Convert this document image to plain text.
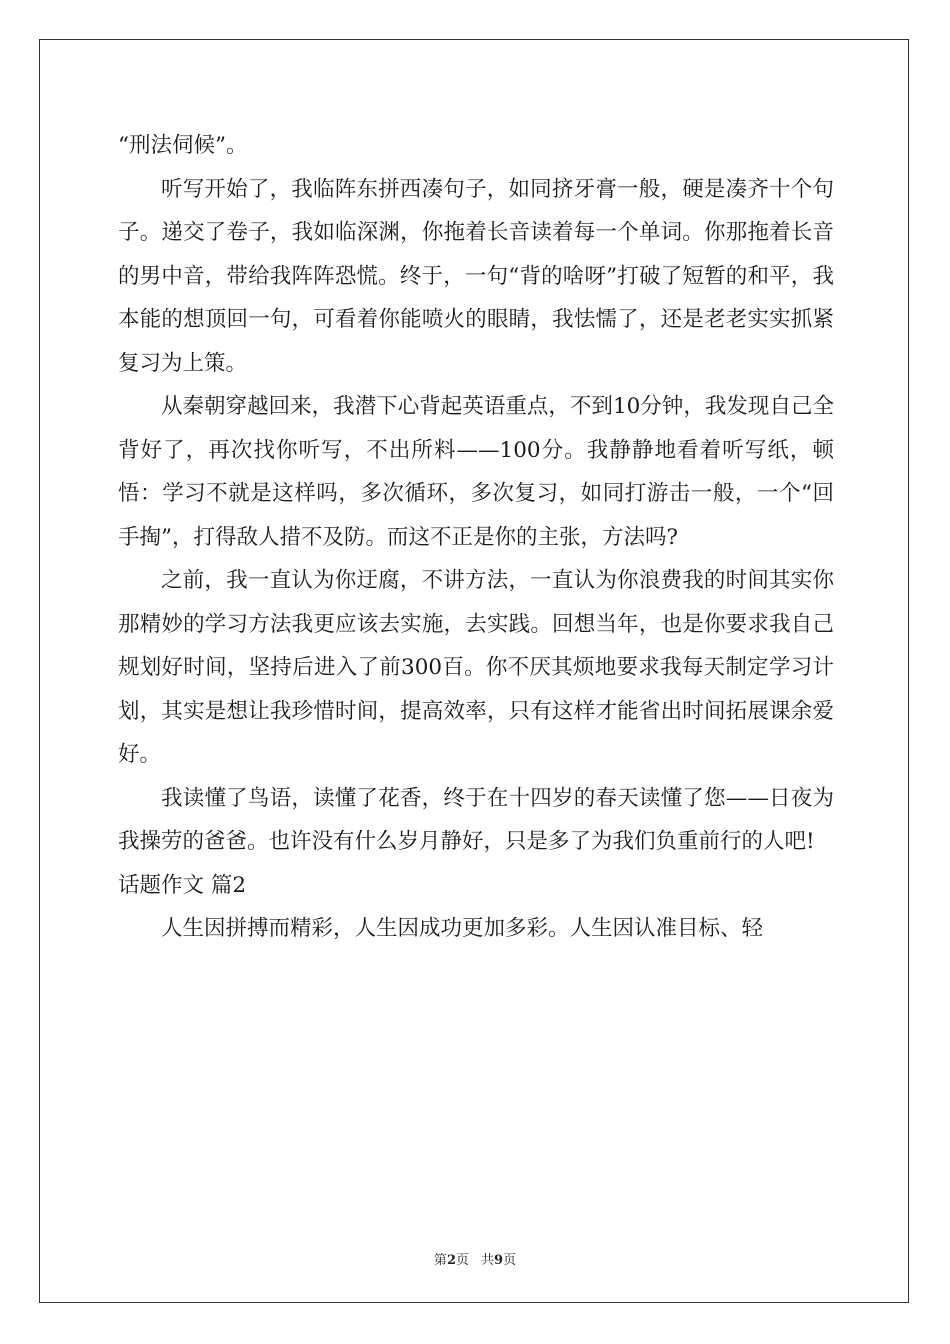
“刑法伺候”。

听写开始了，我临阵东拼西凑句子，如同挤牙膏一般，硬是凑齐十个句子。递交了卷子，我如临深渊，你拖着长音读着每一个单词。你那拖着长音的男中音，带给我阵阵恐慌。终于，一句“背的啥呀”打破了短暂的和平，我本能的想顶回一句，可看着你能喷火的眼睛，我怯懦了，还是老老实实抓紧复习为上策。

从秦朝穿越回来，我潜下心背起英语重点，不到10分钟，我发现自己全背好了，再次找你听写，不出所料——100分。我静静地看着听写纸，顿悟：学习不就是这样吗，多次循环，多次复习，如同打游击一般，一个“回手掏”，打得敌人措不及防。而这不正是你的主张，方法吗?

之前，我一直认为你迂腐，不讲方法，一直认为你浪费我的时间其实你那精妙的学习方法我更应该去实施，去实践。回想当年，也是你要求我自己规划好时间，坚持后进入了前300百。你不厌其烦地要求我每天制定学习计划，其实是想让我珍惜时间，提高效率，只有这样才能省出时间拓展课余爱好。

我读懂了鸟语，读懂了花香，终于在十四岁的春天读懂了您——日夜为我操劳的爸爸。也许没有什么岁月静好，只是多了为我们负重前行的人吧!

话题作文 篇2

人生因拼搏而精彩，人生因成功更加多彩。人生因认准目标、轻

第2页 共9页
